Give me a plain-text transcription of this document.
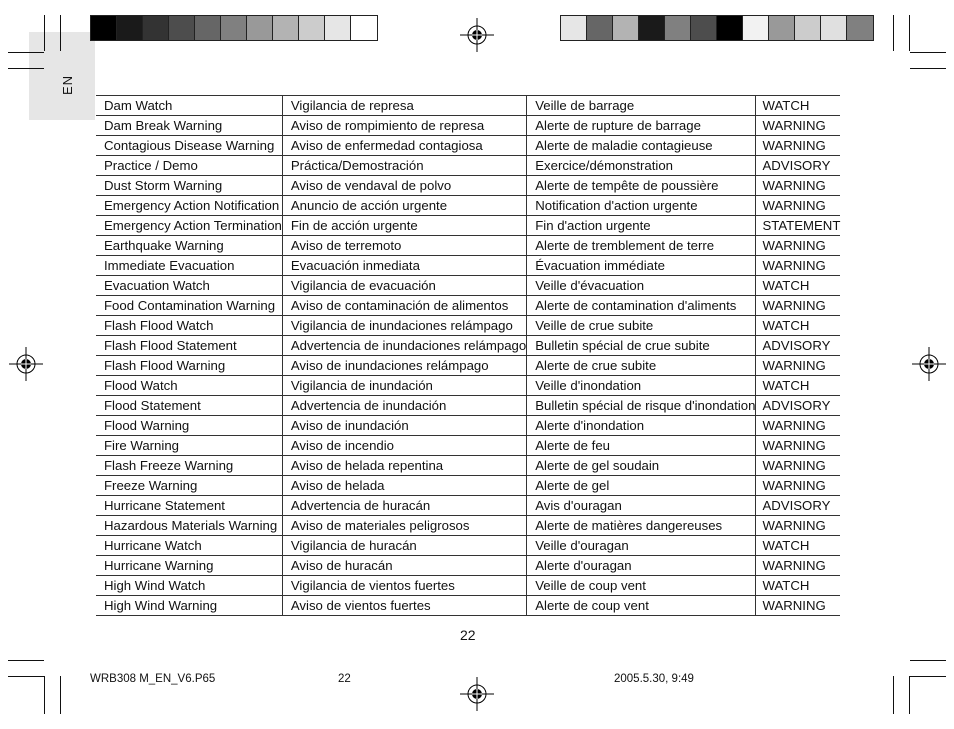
EN
Dam Watch	Vigilancia de represa	Veille de barrage	WATCH
Dam Break Warning	Aviso de rompimiento de represa	Alerte de rupture de barrage	WARNING
Contagious Disease Warning	Aviso de enfermedad contagiosa	Alerte de maladie contagieuse	WARNING
Practice / Demo	Práctica/Demostración	Exercice/démonstration	ADVISORY
Dust Storm Warning	Aviso de vendaval de polvo	Alerte de tempête de poussière	WARNING
Emergency Action Notification	Anuncio de acción urgente	Notification d'action urgente	WARNING
Emergency Action Termination	Fin de acción urgente	Fin d'action urgente	STATEMENT
Earthquake Warning	Aviso de terremoto	Alerte de tremblement de terre	WARNING
Immediate Evacuation	Evacuación inmediata	Évacuation immédiate	WARNING
Evacuation Watch	Vigilancia de evacuación	Veille d'évacuation	WATCH
Food Contamination Warning	Aviso de contaminación de alimentos	Alerte de contamination d'aliments	WARNING
Flash Flood Watch	Vigilancia de inundaciones relámpago	Veille de crue subite	WATCH
Flash Flood Statement	Advertencia de inundaciones relámpago	Bulletin spécial de crue subite	ADVISORY
Flash Flood Warning	Aviso de inundaciones relámpago	Alerte de crue subite	WARNING
Flood Watch	Vigilancia de inundación	Veille d'inondation	WATCH
Flood Statement	Advertencia de inundación	Bulletin spécial de risque d'inondation	ADVISORY
Flood Warning	Aviso de inundación	Alerte d'inondation	WARNING
Fire Warning	Aviso de incendio	Alerte de feu	WARNING
Flash Freeze Warning	Aviso de helada repentina	Alerte de gel soudain	WARNING
Freeze Warning	Aviso de helada	Alerte de gel	WARNING
Hurricane Statement	Advertencia de huracán	Avis d'ouragan	ADVISORY
Hazardous Materials Warning	Aviso de materiales peligrosos	Alerte de matières dangereuses	WARNING
Hurricane Watch	Vigilancia de huracán	Veille d'ouragan	WATCH
Hurricane Warning	Aviso de huracán	Alerte d'ouragan	WARNING
High Wind Watch	Vigilancia de vientos fuertes	Veille de coup vent	WATCH
High Wind Warning	Aviso de vientos fuertes	Alerte de coup vent	WARNING
22
WRB308 M_EN_V6.P65	22	2005.5.30, 9:49
